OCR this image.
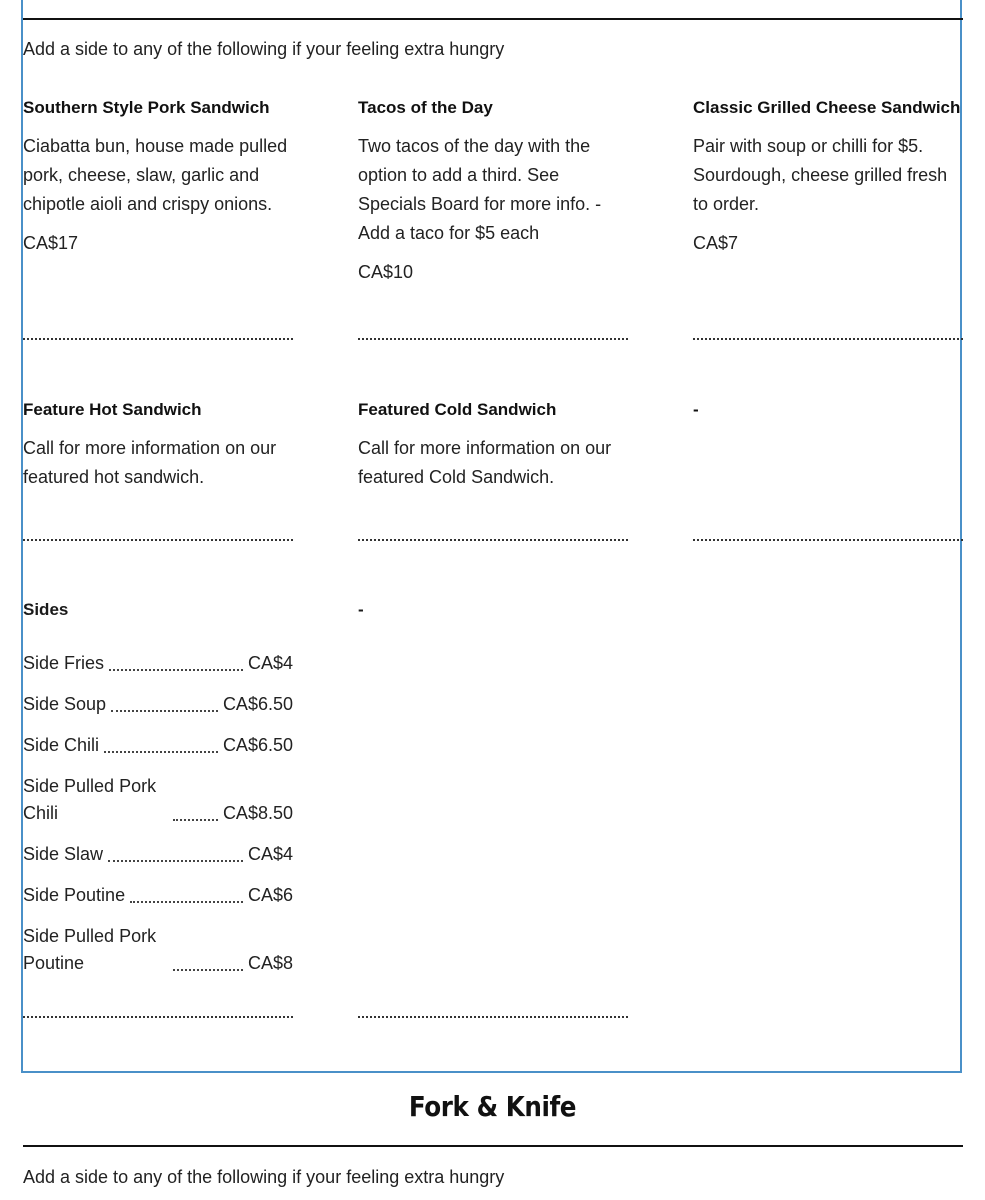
Add a side to any of the following if your feeling extra hungry
Southern Style Pork Sandwich
Ciabatta bun, house made pulled pork, cheese, slaw, garlic and chipotle aioli and crispy onions.
CA$17
Tacos of the Day
Two tacos of the day with the option to add a third. See Specials Board for more info. - Add a taco for $5 each
CA$10
Classic Grilled Cheese Sandwich
Pair with soup or chilli for $5. Sourdough, cheese grilled fresh to order.
CA$7
Feature Hot Sandwich
Call for more information on our featured hot sandwich.
Featured Cold Sandwich
Call for more information on our featured Cold Sandwich.
-
Sides	-
Side Fries	CA$4
Side Soup	CA$6.50
Side Chili	CA$6.50
Side Pulled Pork Chili	CA$8.50
Side Slaw	CA$4
Side Poutine	CA$6
Side Pulled Pork Poutine	CA$8
Fork & Knife
Add a side to any of the following if your feeling extra hungry
